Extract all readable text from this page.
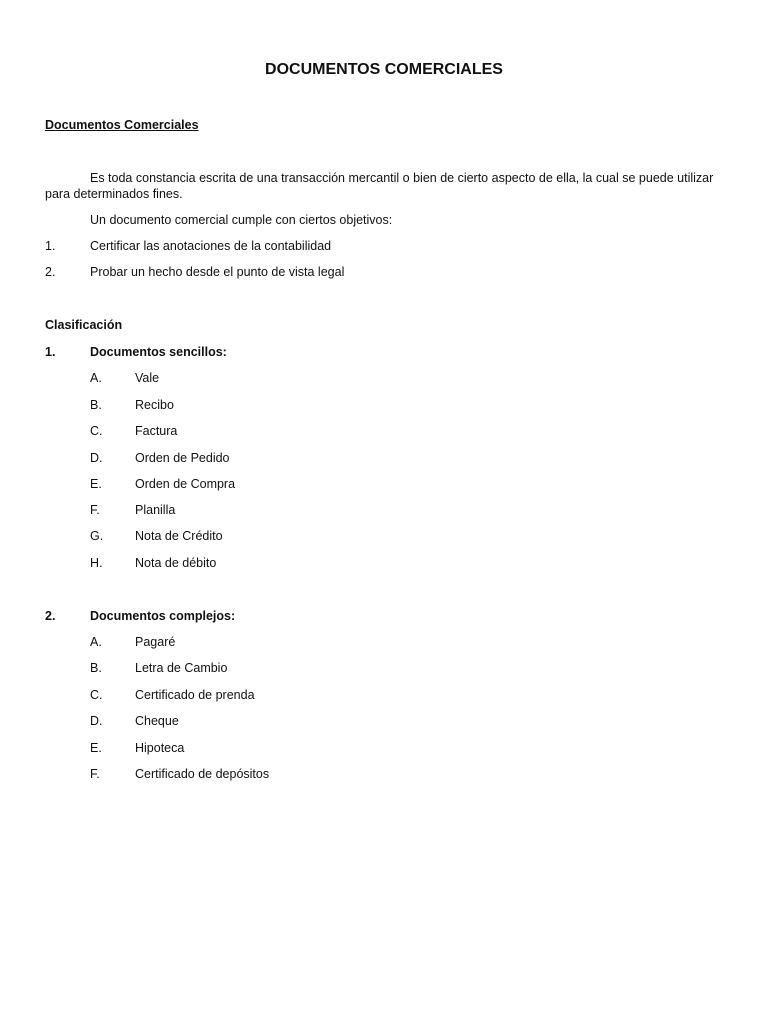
DOCUMENTOS COMERCIALES
Documentos Comerciales
Es toda constancia escrita de una transacción mercantil o bien de cierto aspecto de ella, la cual se puede utilizar para determinados fines.
Un documento comercial cumple con ciertos objetivos:
1.	Certificar las anotaciones de la contabilidad
2.	Probar un hecho desde el punto de vista legal
Clasificación
1.	Documentos sencillos:
A.	Vale
B.	Recibo
C.	Factura
D.	Orden de Pedido
E.	Orden de Compra
F.	Planilla
G.	Nota de Crédito
H.	Nota de débito
2.	Documentos complejos:
A.	Pagaré
B.	Letra de Cambio
C.	Certificado de prenda
D.	Cheque
E.	Hipoteca
F.	Certificado de depósitos
